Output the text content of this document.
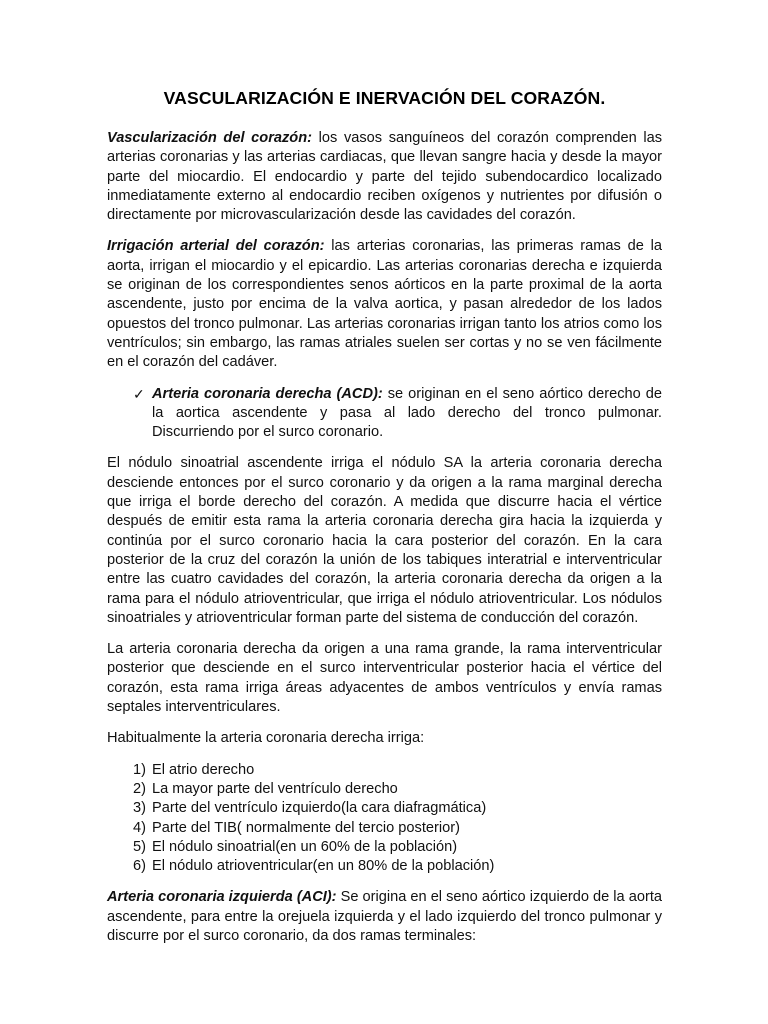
VASCULARIZACIÓN E INERVACIÓN DEL CORAZÓN.

Vascularización del corazón: los vasos sanguíneos del corazón comprenden las arterias coronarias y las arterias cardiacas, que llevan sangre hacia y desde la mayor parte del miocardio. El endocardio y parte del tejido subendocardico localizado inmediatamente externo al endocardio reciben oxígenos y nutrientes por difusión o directamente por microvascularización desde las cavidades del corazón.

Irrigación arterial del corazón: las arterias coronarias, las primeras ramas de la aorta, irrigan el miocardio y el epicardio. Las arterias coronarias derecha e izquierda se originan de los correspondientes senos aórticos en la parte proximal de la aorta ascendente, justo por encima de la valva aortica, y pasan alrededor de los lados opuestos del tronco pulmonar. Las arterias coronarias irrigan tanto los atrios como los ventrículos; sin embargo, las ramas atriales suelen ser cortas y no se ven fácilmente en el corazón del cadáver.

✓ Arteria coronaria derecha (ACD): se originan en el seno aórtico derecho de la aortica ascendente y pasa al lado derecho del tronco pulmonar. Discurriendo por el surco coronario.

El nódulo sinoatrial ascendente irriga el nódulo SA la arteria coronaria derecha desciende entonces por el surco coronario y da origen a la rama marginal derecha que irriga el borde derecho del corazón. A medida que discurre hacia el vértice después de emitir esta rama la arteria coronaria derecha gira hacia la izquierda y continúa por el surco coronario hacia la cara posterior del corazón. En la cara posterior de la cruz del corazón la unión de los tabiques interatrial e interventricular entre las cuatro cavidades del corazón, la arteria coronaria derecha da origen a la rama para el nódulo atrioventricular, que irriga el nódulo atrioventricular. Los nódulos sinoatriales y atrioventricular forman parte del sistema de conducción del corazón.

La arteria coronaria derecha da origen a una rama grande, la rama interventricular posterior que desciende en el surco interventricular posterior hacia el vértice del corazón, esta rama irriga áreas adyacentes de ambos ventrículos y envía ramas septales interventriculares.

Habitualmente la arteria coronaria derecha irriga:

1) El atrio derecho
2) La mayor parte del ventrículo derecho
3) Parte del ventrículo izquierdo(la cara diafragmática)
4) Parte del TIB( normalmente del tercio posterior)
5) El nódulo sinoatrial(en un 60% de la población)
6) El nódulo atrioventricular(en un 80% de la población)

Arteria coronaria izquierda (ACI): Se origina en el seno aórtico izquierdo de la aorta ascendente, para entre la orejuela izquierda y el lado izquierdo del tronco pulmonar y discurre por el surco coronario, da dos ramas terminales:
